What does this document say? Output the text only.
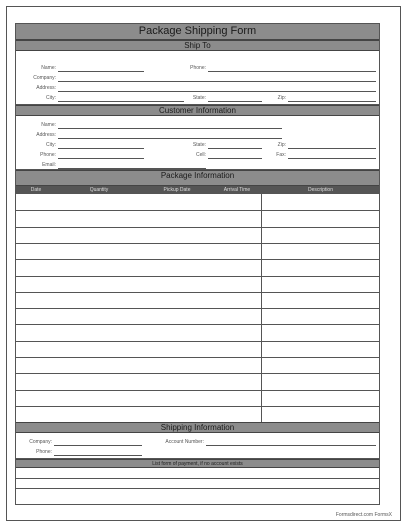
Package Shipping Form
Ship To
Name:	Phone:
Company:
Address:
City:	State:	Zip:
Customer Information
Name:
Address:
City:	State:	Zip:
Phone:	Cell:	Fax:
Email:
Package Information
Date	Quantity	Pickup Date	Arrival Time	Description
Shipping Information
Company:	Account Number:
Phone:
List form of payment, if no account exists
Formsdirect.com FormsX
